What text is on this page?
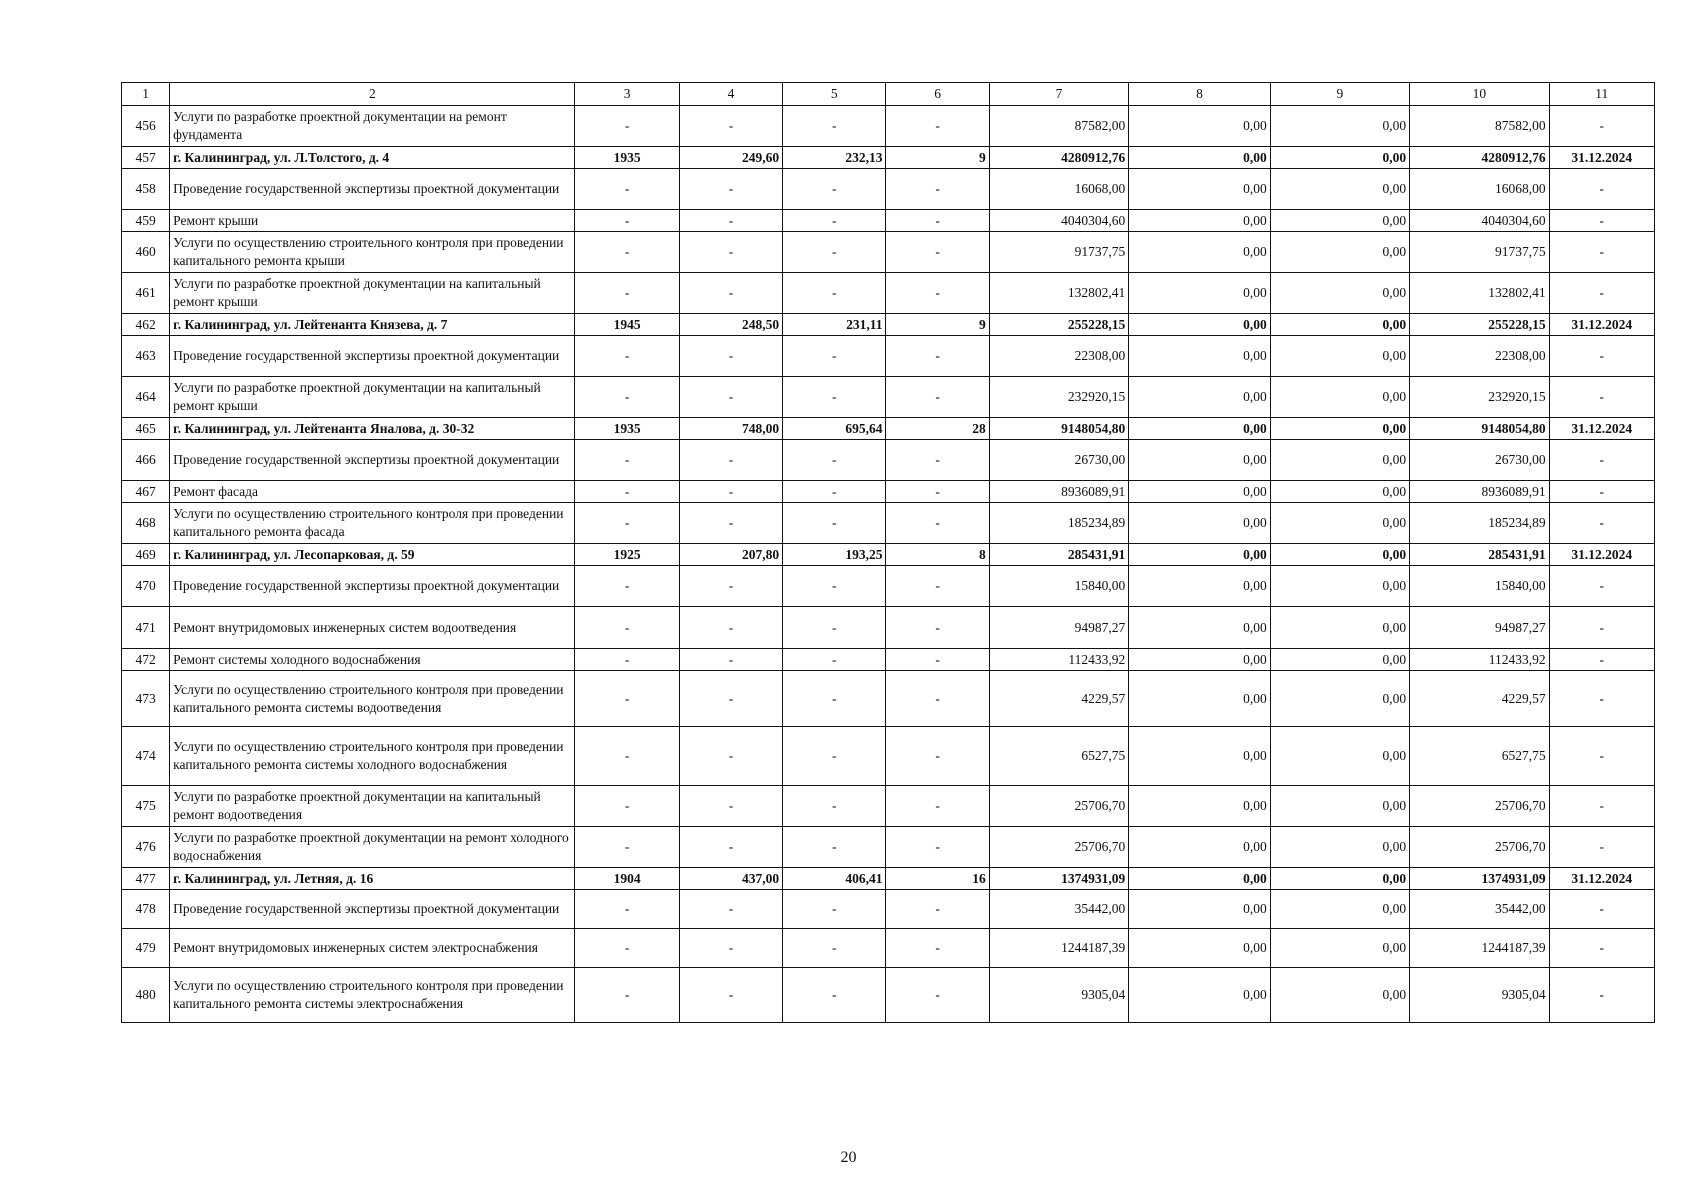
1	2	3	4	5	6	7	8	9	10	11
456	Услуги по разработке проектной документации на ремонт фундамента	-	-	-	-	87582,00	0,00	0,00	87582,00	-
457	г. Калининград, ул. Л.Толстого, д. 4	1935	249,60	232,13	9	4280912,76	0,00	0,00	4280912,76	31.12.2024
458	Проведение государственной экспертизы проектной документации	-	-	-	-	16068,00	0,00	0,00	16068,00	-
459	Ремонт крыши	-	-	-	-	4040304,60	0,00	0,00	4040304,60	-
460	Услуги по осуществлению строительного контроля при проведении капитального ремонта крыши	-	-	-	-	91737,75	0,00	0,00	91737,75	-
461	Услуги по разработке проектной документации на капитальный ремонт крыши	-	-	-	-	132802,41	0,00	0,00	132802,41	-
462	г. Калининград, ул. Лейтенанта Князева, д. 7	1945	248,50	231,11	9	255228,15	0,00	0,00	255228,15	31.12.2024
463	Проведение государственной экспертизы проектной документации	-	-	-	-	22308,00	0,00	0,00	22308,00	-
464	Услуги по разработке проектной документации на капитальный ремонт крыши	-	-	-	-	232920,15	0,00	0,00	232920,15	-
465	г. Калининград, ул. Лейтенанта Яналова, д. 30-32	1935	748,00	695,64	28	9148054,80	0,00	0,00	9148054,80	31.12.2024
466	Проведение государственной экспертизы проектной документации	-	-	-	-	26730,00	0,00	0,00	26730,00	-
467	Ремонт фасада	-	-	-	-	8936089,91	0,00	0,00	8936089,91	-
468	Услуги по осуществлению строительного контроля при проведении капитального ремонта фасада	-	-	-	-	185234,89	0,00	0,00	185234,89	-
469	г. Калининград, ул. Лесопарковая, д. 59	1925	207,80	193,25	8	285431,91	0,00	0,00	285431,91	31.12.2024
470	Проведение государственной экспертизы проектной документации	-	-	-	-	15840,00	0,00	0,00	15840,00	-
471	Ремонт внутридомовых инженерных систем водоотведения	-	-	-	-	94987,27	0,00	0,00	94987,27	-
472	Ремонт системы холодного водоснабжения	-	-	-	-	112433,92	0,00	0,00	112433,92	-
473	Услуги по осуществлению строительного контроля при проведении капитального ремонта системы водоотведения	-	-	-	-	4229,57	0,00	0,00	4229,57	-
474	Услуги по осуществлению строительного контроля при проведении капитального ремонта системы холодного водоснабжения	-	-	-	-	6527,75	0,00	0,00	6527,75	-
475	Услуги по разработке проектной документации на капитальный ремонт водоотведения	-	-	-	-	25706,70	0,00	0,00	25706,70	-
476	Услуги по разработке проектной документации на ремонт холодного водоснабжения	-	-	-	-	25706,70	0,00	0,00	25706,70	-
477	г. Калининград, ул. Летняя, д. 16	1904	437,00	406,41	16	1374931,09	0,00	0,00	1374931,09	31.12.2024
478	Проведение государственной экспертизы проектной документации	-	-	-	-	35442,00	0,00	0,00	35442,00	-
479	Ремонт внутридомовых инженерных систем электроснабжения	-	-	-	-	1244187,39	0,00	0,00	1244187,39	-
480	Услуги по осуществлению строительного контроля при проведении капитального ремонта системы электроснабжения	-	-	-	-	9305,04	0,00	0,00	9305,04	-
20
